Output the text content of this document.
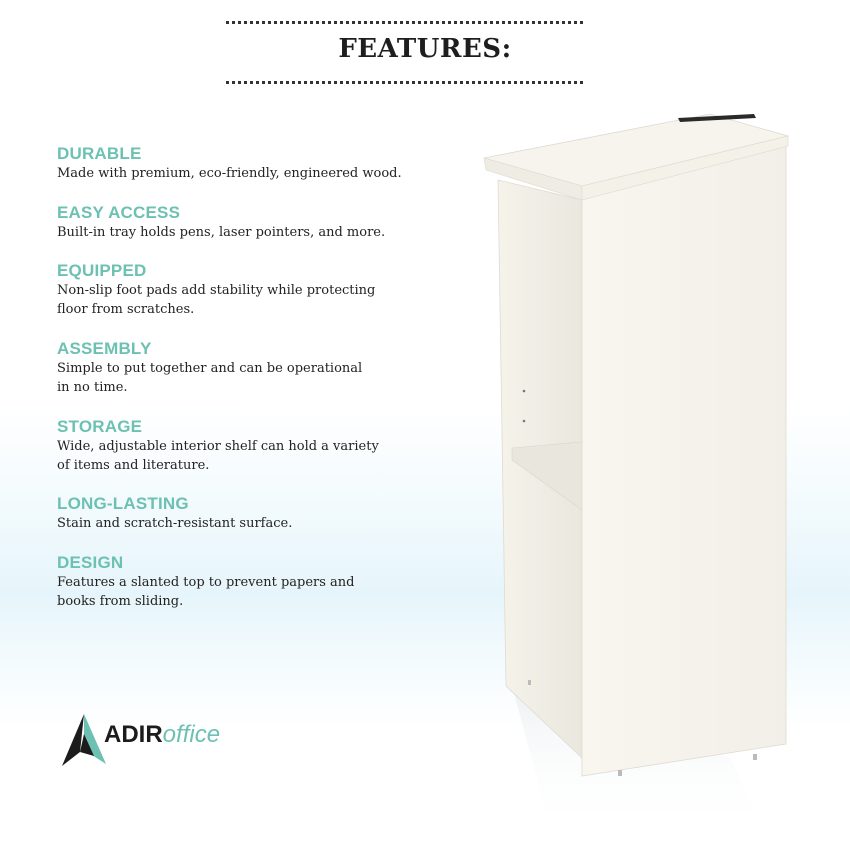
FEATURES:
DURABLE
Made with premium, eco-friendly, engineered wood.
EASY ACCESS
Built-in tray holds pens, laser pointers, and more.
EQUIPPED
Non-slip foot pads add stability while protecting
floor from scratches.
ASSEMBLY
Simple to put together and can be operational
in no time.
STORAGE
Wide, adjustable interior shelf can hold a variety
of items and literature.
LONG-LASTING
Stain and scratch-resistant surface.
DESIGN
Features a slanted top to prevent papers and
books from sliding.
ADIRoffice
